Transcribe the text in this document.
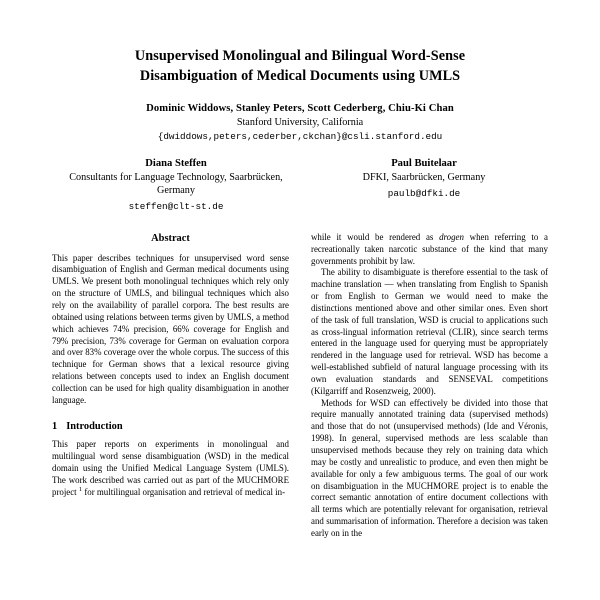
Unsupervised Monolingual and Bilingual Word-Sense Disambiguation of Medical Documents using UMLS
Dominic Widdows, Stanley Peters, Scott Cederberg, Chiu-Ki Chan
Stanford University, California
{dwiddows,peters,cederber,ckchan}@csli.stanford.edu
Diana Steffen
Consultants for Language Technology, Saarbrücken, Germany
steffen@clt-st.de
Paul Buitelaar
DFKI, Saarbrücken, Germany
paulb@dfki.de
Abstract

This paper describes techniques for unsupervised word sense disambiguation of English and German medical documents using UMLS. We present both monolingual techniques which rely only on the structure of UMLS, and bilingual techniques which also rely on the availability of parallel corpora. The best results are obtained using relations between terms given by UMLS, a method which achieves 74% precision, 66% coverage for English and 79% precision, 73% coverage for German on evaluation corpora and over 83% coverage over the whole corpus. The success of this technique for German shows that a lexical resource giving relations between concepts used to index an English document collection can be used for high quality disambiguation in another language.

1 Introduction

This paper reports on experiments in monolingual and multilingual word sense disambiguation (WSD) in the medical domain using the Unified Medical Language System (UMLS). The work described was carried out as part of the MUCHMORE project $^1$ for multilingual organisation and retrieval of medical in-

while it would be rendered as drogen when referring to a recreationally taken narcotic substance of the kind that many governments prohibit by law.

The ability to disambiguate is therefore essential to the task of machine translation — when translating from English to Spanish or from English to German we would need to make the distinctions mentioned above and other similar ones. Even short of the task of full translation, WSD is crucial to applications such as cross-lingual information retrieval (CLIR), since search terms entered in the language used for querying must be appropriately rendered in the language used for retrieval. WSD has become a well-established subfield of natural language processing with its own evaluation standards and SENSEVAL competitions (Kilgarriff and Rosenzweig, 2000).

Methods for WSD can effectively be divided into those that require manually annotated training data (supervised methods) and those that do not (unsupervised methods) (Ide and Véronis, 1998). In general, supervised methods are less scalable than unsupervised methods because they rely on training data which may be costly and unrealistic to produce, and even then might be available for only a few ambiguous terms. The goal of our work on disambiguation in the MUCHMORE project is to enable the correct semantic annotation of entire document collections with all terms which are potentially relevant for organisation, retrieval and summarisation of information. Therefore a decision was taken early on in the
